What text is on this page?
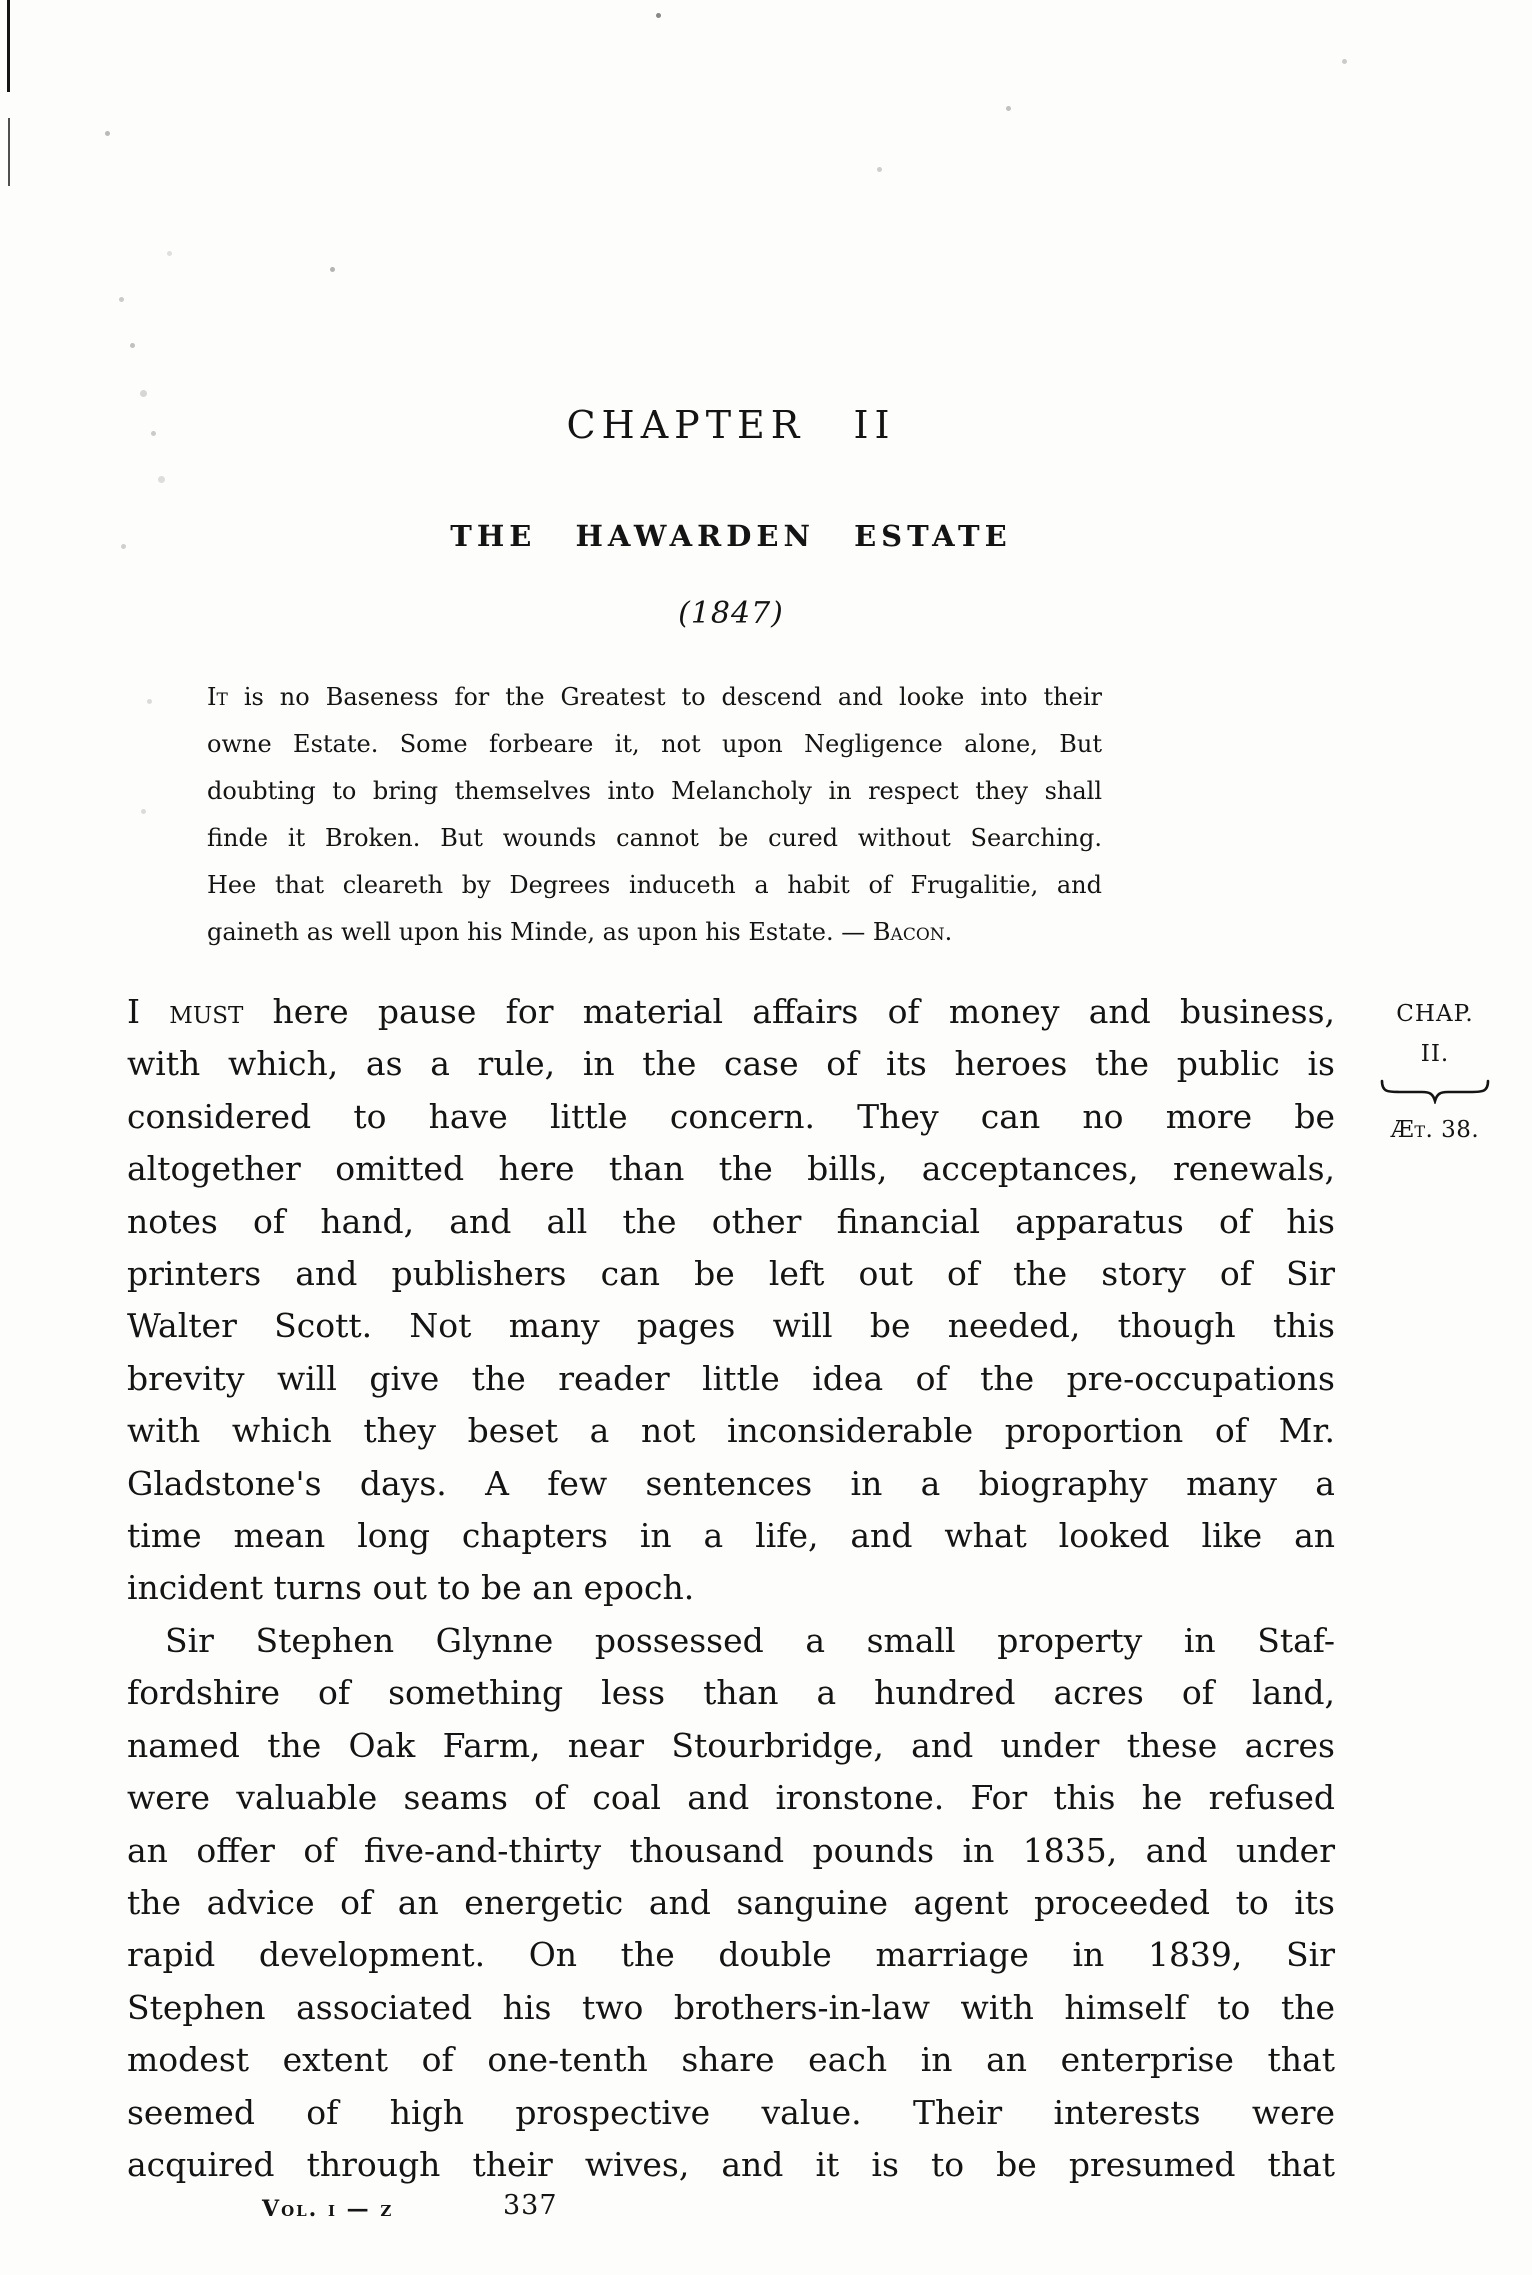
CHAPTER II
THE HAWARDEN ESTATE
(1847)
It is no Baseness for the Greatest to descend and looke into their
owne Estate. Some forbeare it, not upon Negligence alone, But
doubting to bring themselves into Melancholy in respect they shall
finde it Broken. But wounds cannot be cured without Searching.
Hee that cleareth by Degrees induceth a habit of Frugalitie, and
gaineth as well upon his Minde, as upon his Estate. — Bacon.
I must here pause for material affairs of money and business,
with which, as a rule, in the case of its heroes the public is
considered to have little concern. They can no more be
altogether omitted here than the bills, acceptances, renewals,
notes of hand, and all the other financial apparatus of his
printers and publishers can be left out of the story of Sir
Walter Scott. Not many pages will be needed, though this
brevity will give the reader little idea of the pre-occupations
with which they beset a not inconsiderable proportion of Mr.
Gladstone's days. A few sentences in a biography many a
time mean long chapters in a life, and what looked like an
incident turns out to be an epoch.
Sir Stephen Glynne possessed a small property in Staf-
fordshire of something less than a hundred acres of land,
named the Oak Farm, near Stourbridge, and under these acres
were valuable seams of coal and ironstone. For this he refused
an offer of five-and-thirty thousand pounds in 1835, and under
the advice of an energetic and sanguine agent proceeded to its
rapid development. On the double marriage in 1839, Sir
Stephen associated his two brothers-in-law with himself to the
modest extent of one-tenth share each in an enterprise that
seemed of high prospective value. Their interests were
acquired through their wives, and it is to be presumed that
CHAP.
II.
Æt. 38.
Vol. i — z	337
